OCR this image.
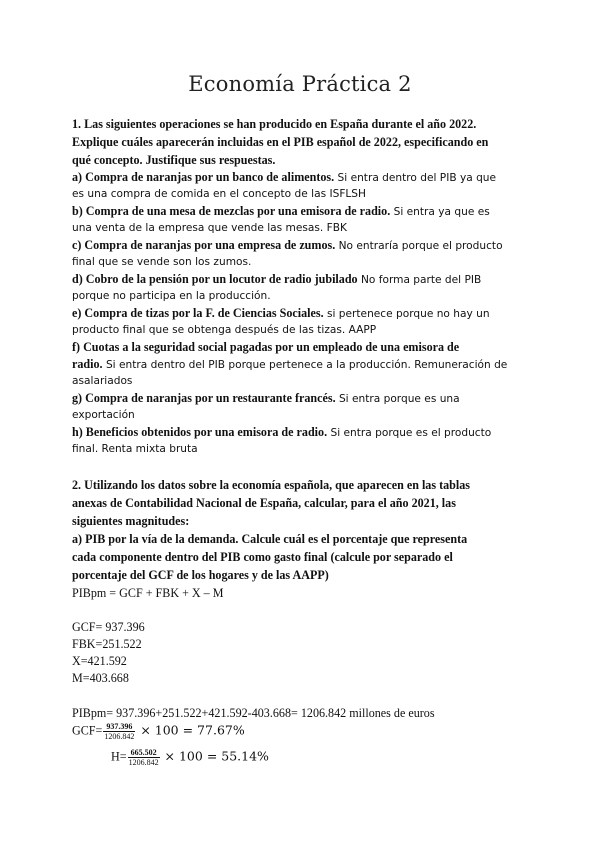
Economía Práctica 2
1. Las siguientes operaciones se han producido en España durante el año 2022.
Explique cuáles aparecerán incluidas en el PIB español de 2022, especificando en
qué concepto. Justifique sus respuestas.
a) Compra de naranjas por un banco de alimentos. Si entra dentro del PIB ya que
es una compra de comida en el concepto de las ISFLSH
b) Compra de una mesa de mezclas por una emisora de radio. Si entra ya que es
una venta de la empresa que vende las mesas. FBK
c) Compra de naranjas por una empresa de zumos. No entraría porque el producto
final que se vende son los zumos.
d) Cobro de la pensión por un locutor de radio jubilado No forma parte del PIB
porque no participa en la producción.
e) Compra de tizas por la F. de Ciencias Sociales. si pertenece porque no hay un
producto final que se obtenga después de las tizas. AAPP
f) Cuotas a la seguridad social pagadas por un empleado de una emisora de
radio. Si entra dentro del PIB porque pertenece a la producción. Remuneración de
asalariados
g) Compra de naranjas por un restaurante francés. Si entra porque es una
exportación
h) Beneficios obtenidos por una emisora de radio. Si entra porque es el producto
final. Renta mixta bruta
2. Utilizando los datos sobre la economía española, que aparecen en las tablas
anexas de Contabilidad Nacional de España, calcular, para el año 2021, las
siguientes magnitudes:
a) PIB por la vía de la demanda. Calcule cuál es el porcentaje que representa
cada componente dentro del PIB como gasto final (calcule por separado el
porcentaje del GCF de los hogares y de las AAPP)
PIBpm = GCF + FBK + X – M
GCF= 937.396
FBK=251.522
X=421.592
M=403.668
PIBpm= 937.396+251.522+421.592-403.668= 1206.842 millones de euros
$GCF= \frac{937.396}{1206.842} \times 100 = 77.67\%$
$H= \frac{665.502}{1206.842} \times 100 = 55.14\%$
